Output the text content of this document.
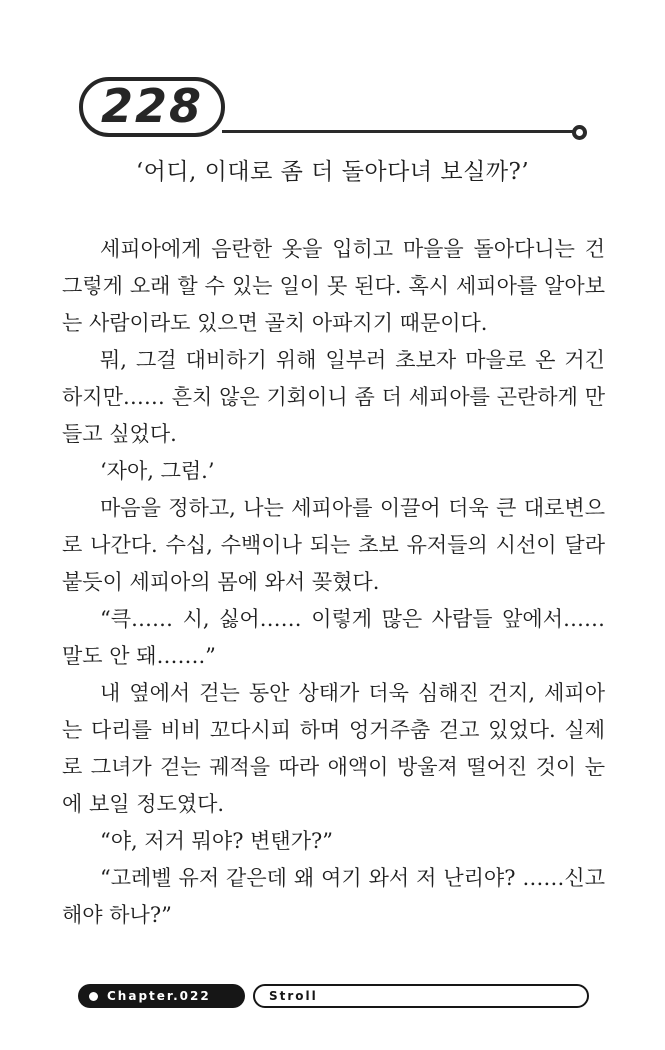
228
‘어디, 이대로 좀 더 돌아다녀 보실까?’

세피아에게 음란한 옷을 입히고 마을을 돌아다니는 건 그렇게 오래 할 수 있는 일이 못 된다. 혹시 세피아를 알아보는 사람이라도 있으면 골치 아파지기 때문이다.

뭐, 그걸 대비하기 위해 일부러 초보자 마을로 온 거긴 하지만…… 흔치 않은 기회이니 좀 더 세피아를 곤란하게 만들고 싶었다.

‘자아, 그럼.’

마음을 정하고, 나는 세피아를 이끌어 더욱 큰 대로변으로 나간다. 수십, 수백이나 되는 초보 유저들의 시선이 달라붙듯이 세피아의 몸에 와서 꽂혔다.

“큭…… 시, 싫어…… 이렇게 많은 사람들 앞에서…… 말도 안 돼…….”

내 옆에서 걷는 동안 상태가 더욱 심해진 건지, 세피아는 다리를 비비 꼬다시피 하며 엉거주춤 걷고 있었다. 실제로 그녀가 걷는 궤적을 따라 애액이 방울져 떨어진 것이 눈에 보일 정도였다.

“야, 저거 뭐야? 변탠가?”

“고레벨 유저 같은데 왜 여기 와서 저 난리야? ……신고해야 하나?”

Chapter.022	Stroll
